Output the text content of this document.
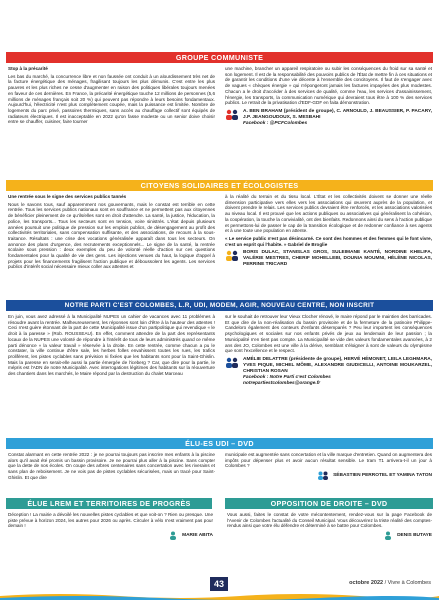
GROUPE COMMUNISTE

Stop à la précarité

Les bas du marché, la concurrence libre et non faussée ont conduit à un alourdissement très net de la facture énergétique des ménages, fragilisant toujours les plus démunis. C'est entre les plus pauvres et les plus riches ne cesse d'augmenter en raison des politiques libérales toujours menées en faveur de ces dernières. En France, la précarité énergétique touche 12 millions de personnes (5,6 millions de ménages français soit 20 %) qui peuvent pas répondre à leurs besoins fondamentaux. Aujourd'hui, l'électricité n'est plus complètement coupée, mais la puissance est limitée. Nombre de logements du parc privé, passoires thermiques, sans accès au chauffage collectif sont équipés de radiateurs électriques. Il est inacceptable en 2022 qu'on fasse modeste ou un senior doive choisir entre se chauffer, cuisiner, faire tourner

une machine, brancher un appareil respiratoire ou subir les conséquences du froid sur sa santé et son logement. Il est de la responsabilité des pouvoirs publics de l'État de mettre fin à ces situations et de garantir les conditions d'une vie décente à l'ensemble des concitoyens. Il faut de s'engager avec de vagues « chèques énergie » qui n'épongeront jamais les factures impayées des plus modestes. Chacun a le droit d'accéder à des services de qualité, comme l'eau, les services d'assainissement, l'énergie, les transports, la communication numérique qui devraient tous être à 100 % des services publics. Le retrait de la privatisation d'EDF-GDF en faita démonstration.

A. BEN BRAHAM (président de groupe), C. ARNOULD, J. BEAUSSIER, P. PACARY, J.P. JEANGOUDOUX, S. MESBAHI
Facebook : @PCFColombes
CITOYENS SOLIDAIRES ET ÉCOLOGISTES

Une rentrée sous le signe des services publics tannés

Nous le savons tous, sauf apparemment nos gouvernants, mais le constat est terrible en cette rentrée. Tous les services publics nationaux sont en souffrance et ne permettent pas aux citoyennes de bénéficier pleinement de ce qu'ils/elles sont en droit d'attendre. La santé, la justice, l'éducation, la police, les transports... Tous les secteurs sont en tension, voire sinistrés. L'état depuis plusieurs années poursuit une politique de pression sur les emplois publics, de désengagement au profit des collectivités territoriales, sans compensation suffisante, et des associations, de recours à la sous-traitance. Résultats : une crise des vocations généralisée apparaît dans tous les secteurs. On annonce des plans d'urgence, des recrutements exceptionnels... Le signe de la santé, la rentrée scolaire sous pression : deux exemples du peu de volonté réelle d'action sur ces questions fondamentales pour la qualité de vie des gens. Les injections venues du haut, la logique d'appel à projets pour les financements fragilisent l'action publique et déboussolent les agents. Les services publics d'intérêt social nécessaire mieux coller aux attentes et

à la réalité du terrain et du tissu local. L'État et les collectivités doivent se donner une réelle dimension participative vers elles vers les associations qui œuvrent auprès de la population, et doivent prendre le relais. Les services publics devraient être renforcés, et les associations valorisées au niveau local. Il est prouvé que les actions publiques ou associatives qui généralisent la cohésion, la coopération, la touche la convivialité, ont des bienfaits. Redonnons ainsi du sens à l'action publique et permettons-lui de passer le cap de la transition écologique et de redonner confiance à ses agents et à une toute une population en attente.

« Le service public n'est pas désincarné. Ce sont des hommes et des femmes qui le font vivre, c'est un esprit qui l'habite. » Gabriel de Broglie

BORIS DULAC, STANISLAS GROS, SULEIMANE KANTÉ, NORDINE KHELIFA, VALÉRIE MESTRES, CHERIF MOHELLEBI, DOUNIA MOUMNI, HÉLÈNE NICOLAS, PERRINE TRICARD
NOTRE PARTI C'EST COLOMBES, L.R, UDI, MODEM, AGIR, NOUVEAU CENTRE, NON INSCRIT

En juin, vous avez adressé à la Municipalité NUPES un cahier de vacances avec 11 problèmes à résoudre avant la rentrée. Malheureusement, les réponses sont loin d'être à la hauteur des attentes ! Ceci n'est guère étonnant de la part de cette Municipalité issue d'un partipolitique qui revendique « le droit à la paresse » (Rob. ROUSSEAU). En effet, comment attendre de la part des représentants locaux de la NUPES une volonté de répondre à l'intérêt de tous de leurs administrés quand ce même parti dénonce « la valeur travail » réservée à la droite. En cette rentrée, comme chacun a pu le constater, la ville continue d'être sale, les herbes folles envahissent toutes les rues, les trafics prolifèrent, les pistes cyclables sans prévision ni fixées que les habitants sont pour la Saint-Ghislin. Mais la paresse en serait-elle aussi la partie émergée de l'iceberg ? Car, que dire pour la partie, le mépris est l'ADN de notre Municipalité. Avec interrogations légitimes des habitants sur la réouverture des chantiers dans les marchés, le Maire répond par la destruction du chalet Marceau

sur le souhait de retrouver leur Vieux Clocher rénové, le maire répond par le maintien des barricades. Et que dire de la non-réalisation du bassin provisoire et de la fermeture de la patinoire Philippe-Candeloro également des conteurs d'enfants désemparés ? Peu leur importent les conséquences psychologiques et sociales sur nos enfants privés de jeux au lendemain de leur passion ; la Municipalité n'en tient pas compte. La Municipalité se vide des valeurs fondamentales avancées, à 2 ans des JO, Colombes est une ville à la dérive, semblant s'éloigner à sont de valeurs du olympisme que sont l'excellence et le respect.

AMÉLIE DELATTRE (présidente de groupe), HERVÉ HÉMONET, LEILA LEGHMARA, YVES PIQUE, MICHEL MÔME, ALEXANDRE GIUDICELLI, ANTOINE MOUKARZEL, CHRISTIAN ROSAN
Facebook : Notre Parti c'est Colombes
notrepartiestcolombes@orange.fr
ÉLU-ES UDI – DVD

Constat alarmant en cette rentrée 2022 : je ne pourrai toujours pas inscrire mes enfants à la piscine alors qu'il avait été promis un bassin provisoire. Je ne pourrai plus aller à la piscine. Sans compter que la dette de nos écoles. On coupe des arbres centenaires sans concertation avec les riverains et sans plan de reboisement. Je ne vois pas de pistes cyclables sécurisées, mais un tracé pour Saint-Ghislin. Et que dire

municipale est augmentée sans concertation et la ville marque d'entretien. Quand on augmentera des impôts pour dépenser plus et avoir aucun résultat sensible. Le tram T1 arrivera-t-il un jour à Colombes ?

SÉBASTIEN PERROTEL ET YAMINA TATON
ÉLUE LREM ET TERRITOIRES DE PROGRÈS

Déception ! La mairie a dévoilé les nouvelles pistes cyclables et que voit-on ? Rien ou presque. Une piste prévue à horizon 2024, les autres pour 2026 ou après. Circuler à vélo n'est vraiment pas pour demain !

MARIE ABITA
OPPOSITION DE DROITE – DVD

Vous aussi, faites le constat de votre mécontentement, rendez-vous sur la page Facebook de l'Avenir de Colombes l'actualité du Conseil Municipal. Vous découvrirez la triste réalité des comptes-rendus ainsi que votre élu défendre et déterminé à se battre pour Colombes.

DENIS BUTAYE
43	octobre 2022 / Vivre à Colombes
